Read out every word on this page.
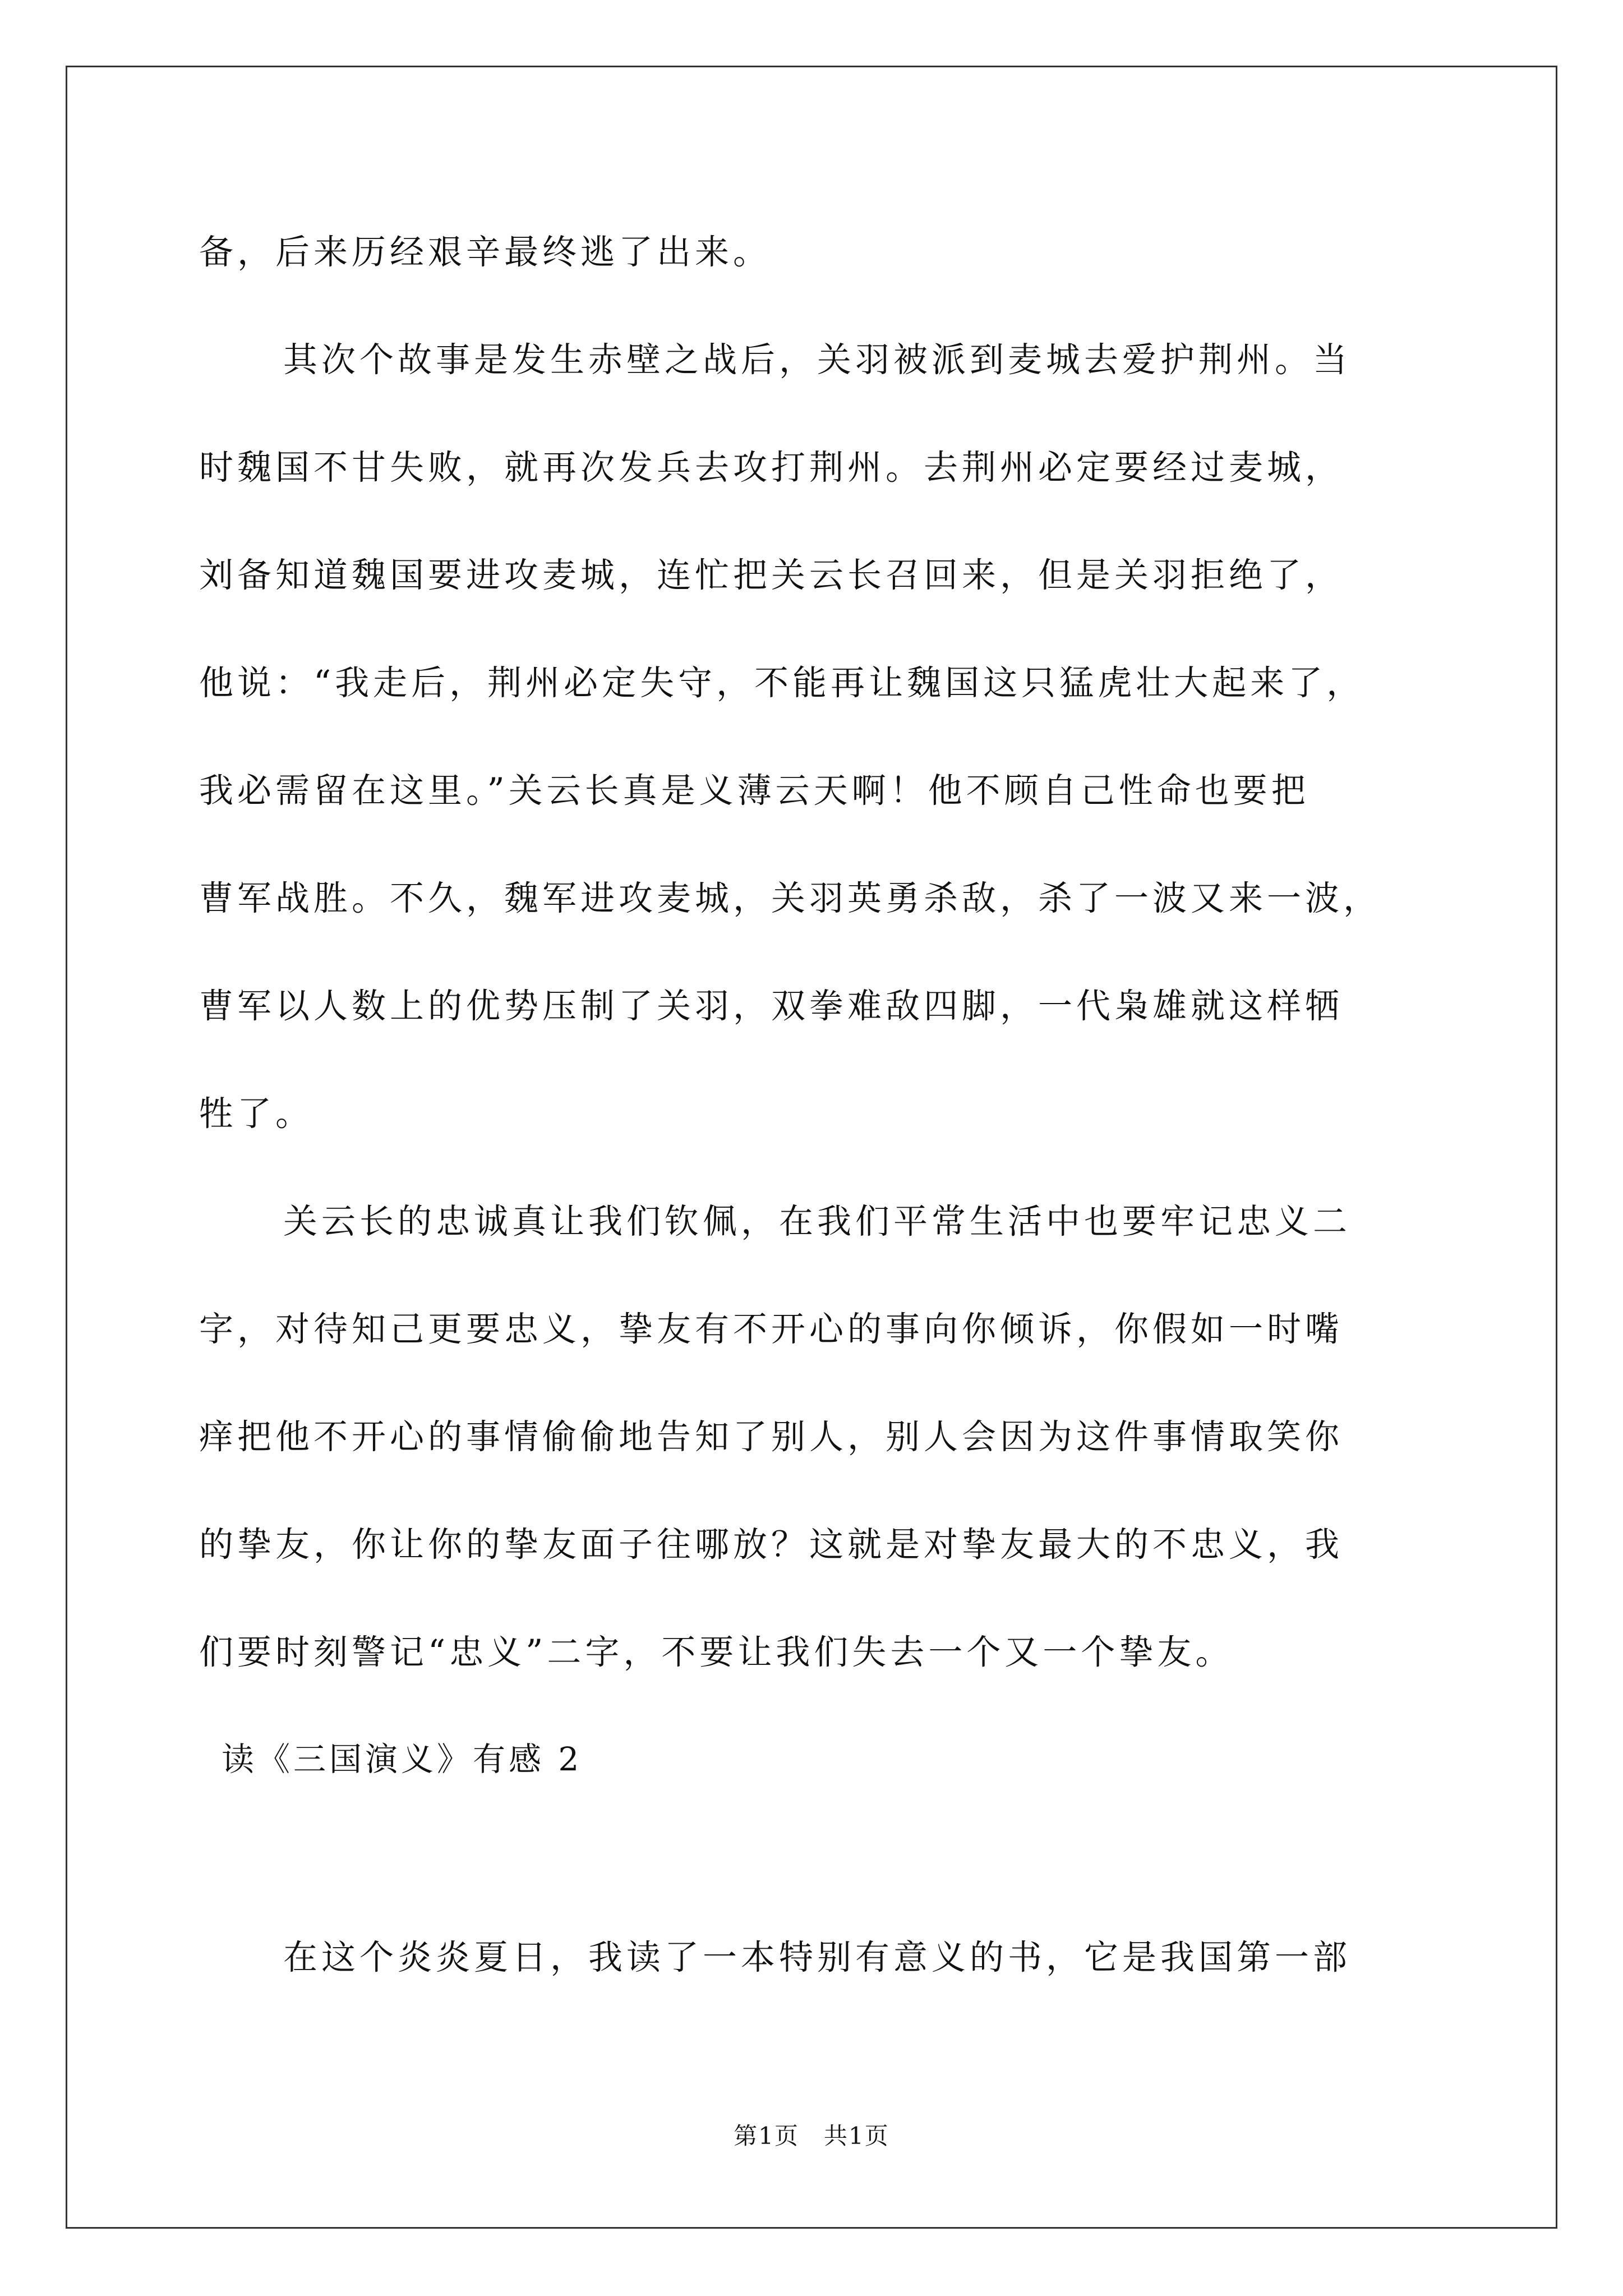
备，后来历经艰辛最终逃了出来。
其次个故事是发生赤壁之战后，关羽被派到麦城去爱护荆州。当
时魏国不甘失败，就再次发兵去攻打荆州。去荆州必定要经过麦城，
刘备知道魏国要进攻麦城，连忙把关云长召回来，但是关羽拒绝了，
他说：“我走后，荆州必定失守，不能再让魏国这只猛虎壮大起来了，
我必需留在这里。”关云长真是义薄云天啊！他不顾自己性命也要把
曹军战胜。不久，魏军进攻麦城，关羽英勇杀敌，杀了一波又来一波，
曹军以人数上的优势压制了关羽，双拳难敌四脚，一代枭雄就这样牺
牲了。
关云长的忠诚真让我们钦佩，在我们平常生活中也要牢记忠义二
字，对待知己更要忠义，挚友有不开心的事向你倾诉，你假如一时嘴
痒把他不开心的事情偷偷地告知了别人，别人会因为这件事情取笑你
的挚友，你让你的挚友面子往哪放？这就是对挚友最大的不忠义，我
们要时刻警记“忠义”二字，不要让我们失去一个又一个挚友。
读《三国演义》有感 2
在这个炎炎夏日，我读了一本特别有意义的书，它是我国第一部
第1页　共1页
